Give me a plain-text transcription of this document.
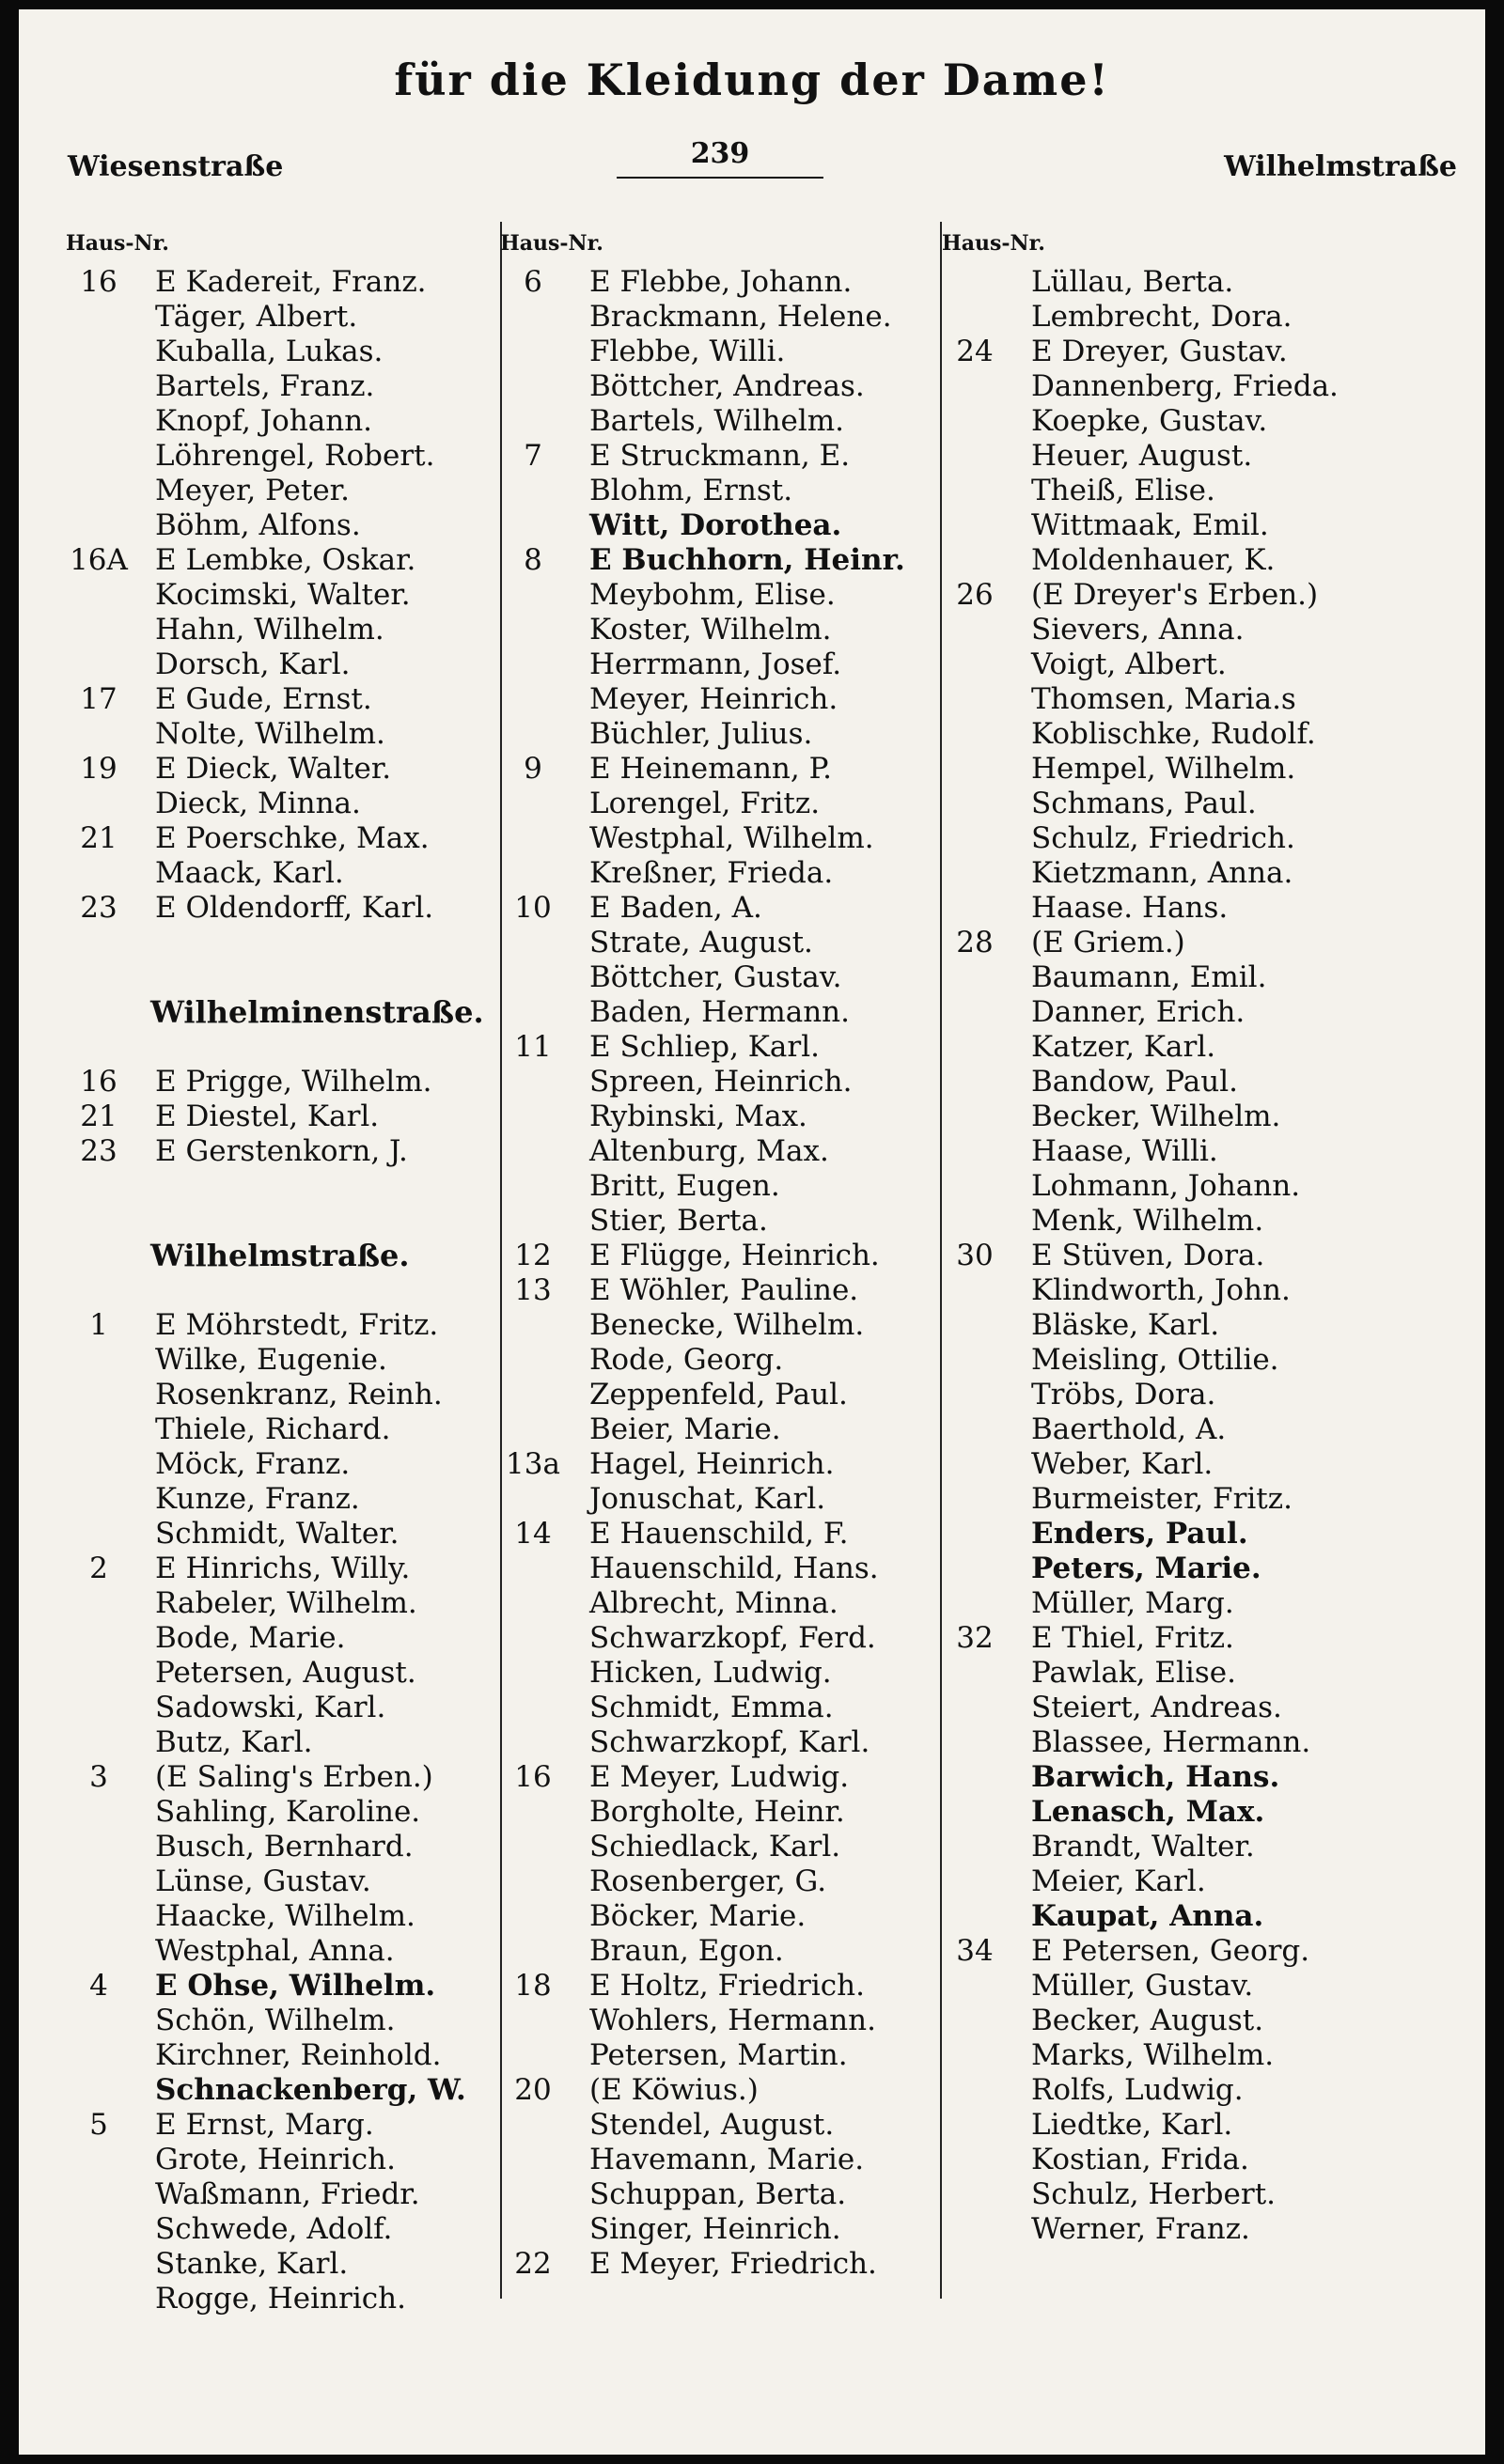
für die Kleidung der Dame!
Wiesenstraße	239	Wilhelmstraße
Haus-Nr.
16	E Kadereit, Franz.
Täger, Albert.
Kuballa, Lukas.
Bartels, Franz.
Knopf, Johann.
Löhrengel, Robert.
Meyer, Peter.
Böhm, Alfons.
16A E Lembke, Oskar.
Kocimski, Walter.
Hahn, Wilhelm.
Dorsch, Karl.
17	E Gude, Ernst.
Nolte, Wilhelm.
19	E Dieck, Walter.
Dieck, Minna.
21	E Poerschke, Max.
Maack, Karl.
23	E Oldendorff, Karl.
Wilhelminenstraße.
16	E Prigge, Wilhelm.
21	E Diestel, Karl.
23	E Gerstenkorn, J.
Wilhelmstraße.
1	E Möhrstedt, Fritz.
Wilke, Eugenie.
Rosenkranz, Reinh.
Thiele, Richard.
Möck, Franz.
Kunze, Franz.
Schmidt, Walter.
2	E Hinrichs, Willy.
Rabeler, Wilhelm.
Bode, Marie.
Petersen, August.
Sadowski, Karl.
Butz, Karl.
3	(E Saling's Erben.)
Sahling, Karoline.
Busch, Bernhard.
Lünse, Gustav.
Haacke, Wilhelm.
Westphal, Anna.
4	E Ohse, Wilhelm.
Schön, Wilhelm.
Kirchner, Reinhold.
Schnackenberg, W.
5	E Ernst, Marg.
Grote, Heinrich.
Waßmann, Friedr.
Schwede, Adolf.
Stanke, Karl.
Rogge, Heinrich.
Haus-Nr.
6	E Flebbe, Johann.
Brackmann, Helene.
Flebbe, Willi.
Böttcher, Andreas.
Bartels, Wilhelm.
7	E Struckmann, E.
Blohm, Ernst.
Witt, Dorothea.
8	E Buchhorn, Heinr.
Meybohm, Elise.
Koster, Wilhelm.
Herrmann, Josef.
Meyer, Heinrich.
Büchler, Julius.
9	E Heinemann, P.
Lorengel, Fritz.
Westphal, Wilhelm.
Kreßner, Frieda.
10	E Baden, A.
Strate, August.
Böttcher, Gustav.
Baden, Hermann.
11	E Schliep, Karl.
Spreen, Heinrich.
Rybinski, Max.
Altenburg, Max.
Britt, Eugen.
Stier, Berta.
12	E Flügge, Heinrich.
13	E Wöhler, Pauline.
Benecke, Wilhelm.
Rode, Georg.
Zeppenfeld, Paul.
Beier, Marie.
13a Hagel, Heinrich.
Jonuschat, Karl.
14	E Hauenschild, F.
Hauenschild, Hans.
Albrecht, Minna.
Schwarzkopf, Ferd.
Hicken, Ludwig.
Schmidt, Emma.
Schwarzkopf, Karl.
16	E Meyer, Ludwig.
Borgholte, Heinr.
Schiedlack, Karl.
Rosenberger, G.
Böcker, Marie.
Braun, Egon.
18	E Holtz, Friedrich.
Wohlers, Hermann.
Petersen, Martin.
20	(E Köwius.)
Stendel, August.
Havemann, Marie.
Schuppan, Berta.
Singer, Heinrich.
22	E Meyer, Friedrich.
Haus-Nr.
Lüllau, Berta.
Lembrecht, Dora.
24	E Dreyer, Gustav.
Dannenberg, Frieda.
Koepke, Gustav.
Heuer, August.
Theiß, Elise.
Wittmaak, Emil.
Moldenhauer, K.
26	(E Dreyer's Erben.)
Sievers, Anna.
Voigt, Albert.
Thomsen, Maria.s
Koblischke, Rudolf.
Hempel, Wilhelm.
Schmans, Paul.
Schulz, Friedrich.
Kietzmann, Anna.
Haase. Hans.
28	(E Griem.)
Baumann, Emil.
Danner, Erich.
Katzer, Karl.
Bandow, Paul.
Becker, Wilhelm.
Haase, Willi.
Lohmann, Johann.
Menk, Wilhelm.
30	E Stüven, Dora.
Klindworth, John.
Bläske, Karl.
Meisling, Ottilie.
Tröbs, Dora.
Baerthold, A.
Weber, Karl.
Burmeister, Fritz.
Enders, Paul.
Peters, Marie.
Müller, Marg.
32	E Thiel, Fritz.
Pawlak, Elise.
Steiert, Andreas.
Blassee, Hermann.
Barwich, Hans.
Lenasch, Max.
Brandt, Walter.
Meier, Karl.
Kaupat, Anna.
34	E Petersen, Georg.
Müller, Gustav.
Becker, August.
Marks, Wilhelm.
Rolfs, Ludwig.
Liedtke, Karl.
Kostian, Frida.
Schulz, Herbert.
Werner, Franz.
